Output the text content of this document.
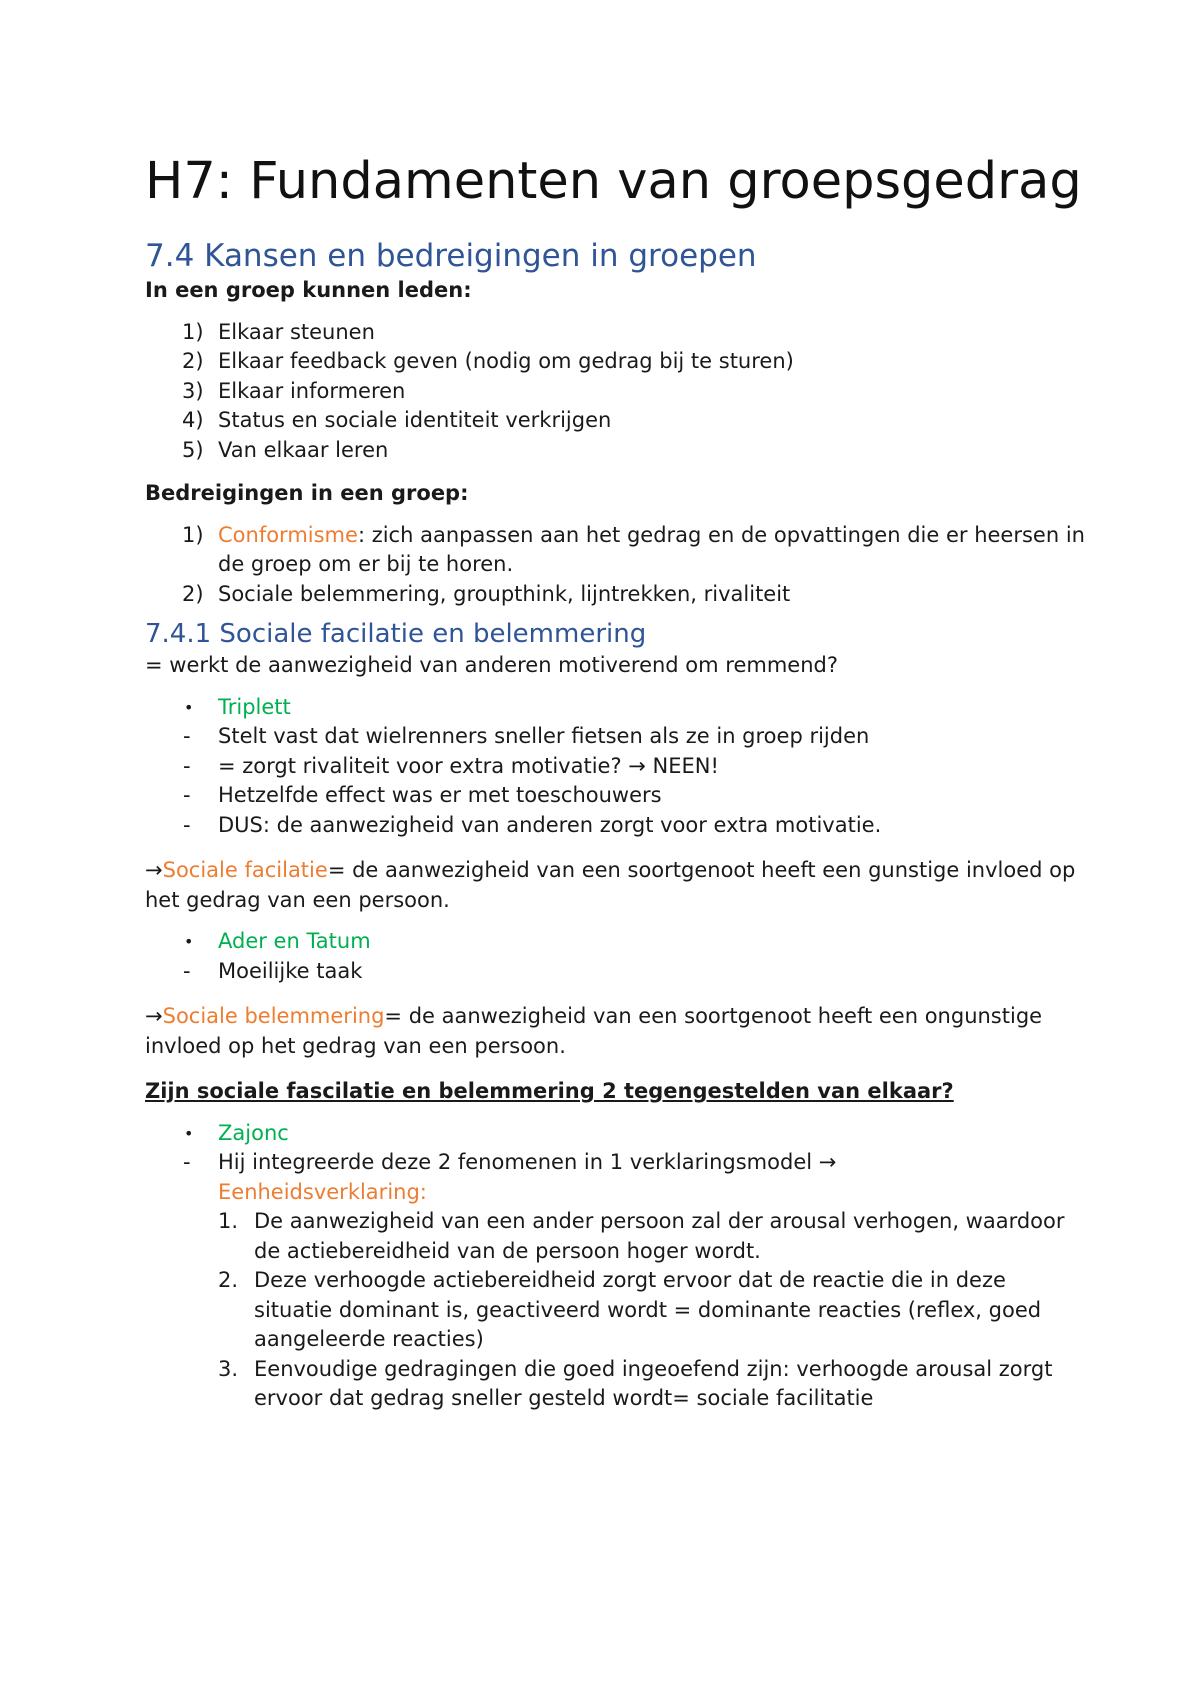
H7: Fundamenten van groepsgedrag
7.4 Kansen en bedreigingen in groepen

In een groep kunnen leden:

1) Elkaar steunen
2) Elkaar feedback geven (nodig om gedrag bij te sturen)
3) Elkaar informeren
4) Status en sociale identiteit verkrijgen
5) Van elkaar leren

Bedreigingen in een groep:

1) Conformisme: zich aanpassen aan het gedrag en de opvattingen die er heersen in de groep om er bij te horen.
2) Sociale belemmering, groupthink, lijntrekken, rivaliteit
7.4.1 Sociale facilatie en belemmering

= werkt de aanwezigheid van anderen motiverend om remmend?

• Triplett
- Stelt vast dat wielrenners sneller fietsen als ze in groep rijden
- = zorgt rivaliteit voor extra motivatie? → NEEN!
- Hetzelfde effect was er met toeschouwers
- DUS: de aanwezigheid van anderen zorgt voor extra motivatie.

→Sociale facilatie= de aanwezigheid van een soortgenoot heeft een gunstige invloed op het gedrag van een persoon.

• Ader en Tatum
- Moeilijke taak

→Sociale belemmering= de aanwezigheid van een soortgenoot heeft een ongunstige invloed op het gedrag van een persoon.

Zijn sociale fascilatie en belemmering 2 tegengestelden van elkaar?

• Zajonc
- Hij integreerde deze 2 fenomenen in 1 verklaringsmodel →
Eenheidsverklaring:
1. De aanwezigheid van een ander persoon zal der arousal verhogen, waardoor de actiebereidheid van de persoon hoger wordt.
2. Deze verhoogde actiebereidheid zorgt ervoor dat de reactie die in deze situatie dominant is, geactiveerd wordt = dominante reacties (reflex, goed aangeleerde reacties)
3. Eenvoudige gedragingen die goed ingeoefend zijn: verhoogde arousal zorgt ervoor dat gedrag sneller gesteld wordt= sociale facilitatie
